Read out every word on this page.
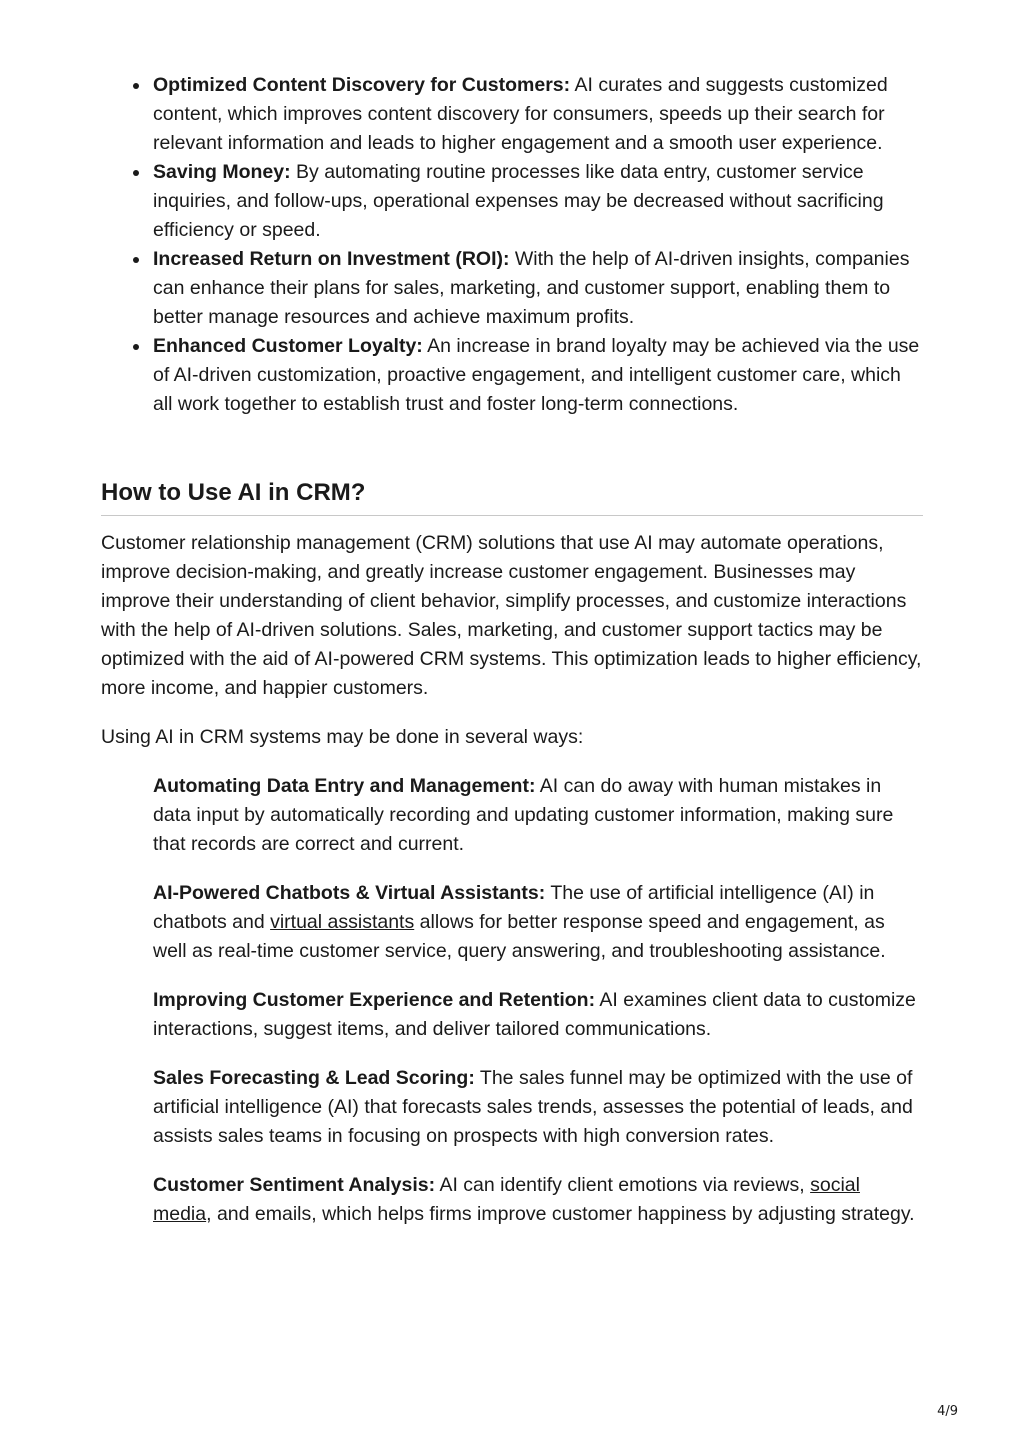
Optimized Content Discovery for Customers: AI curates and suggests customized content, which improves content discovery for consumers, speeds up their search for relevant information and leads to higher engagement and a smooth user experience.
Saving Money: By automating routine processes like data entry, customer service inquiries, and follow-ups, operational expenses may be decreased without sacrificing efficiency or speed.
Increased Return on Investment (ROI): With the help of AI-driven insights, companies can enhance their plans for sales, marketing, and customer support, enabling them to better manage resources and achieve maximum profits.
Enhanced Customer Loyalty: An increase in brand loyalty may be achieved via the use of AI-driven customization, proactive engagement, and intelligent customer care, which all work together to establish trust and foster long-term connections.
How to Use AI in CRM?

Customer relationship management (CRM) solutions that use AI may automate operations, improve decision-making, and greatly increase customer engagement. Businesses may improve their understanding of client behavior, simplify processes, and customize interactions with the help of AI-driven solutions. Sales, marketing, and customer support tactics may be optimized with the aid of AI-powered CRM systems. This optimization leads to higher efficiency, more income, and happier customers.

Using AI in CRM systems may be done in several ways:

Automating Data Entry and Management: AI can do away with human mistakes in data input by automatically recording and updating customer information, making sure that records are correct and current.

AI-Powered Chatbots & Virtual Assistants: The use of artificial intelligence (AI) in chatbots and virtual assistants allows for better response speed and engagement, as well as real-time customer service, query answering, and troubleshooting assistance.

Improving Customer Experience and Retention: AI examines client data to customize interactions, suggest items, and deliver tailored communications.

Sales Forecasting & Lead Scoring: The sales funnel may be optimized with the use of artificial intelligence (AI) that forecasts sales trends, assesses the potential of leads, and assists sales teams in focusing on prospects with high conversion rates.

Customer Sentiment Analysis: AI can identify client emotions via reviews, social media, and emails, which helps firms improve customer happiness by adjusting strategy.

4/9
